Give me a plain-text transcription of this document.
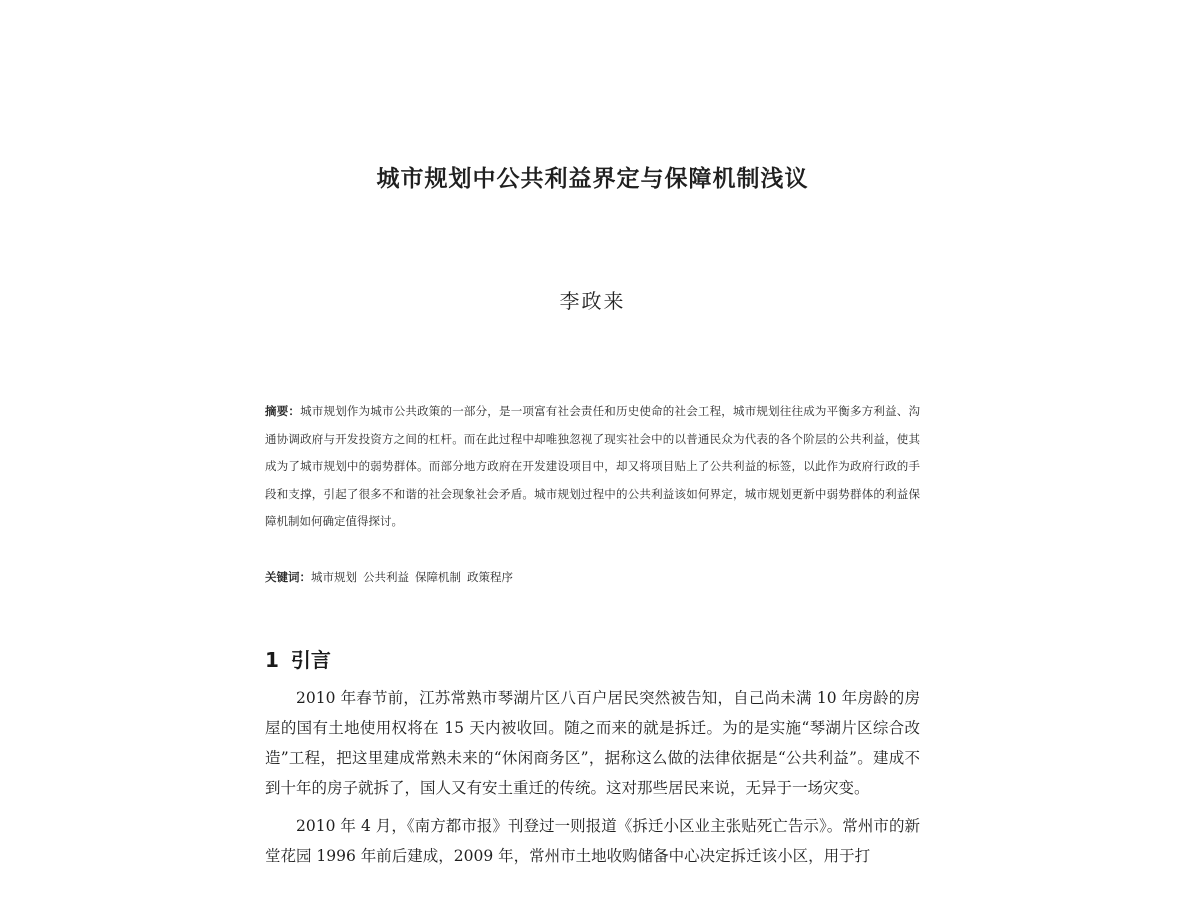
城市规划中公共利益界定与保障机制浅议
李政来

摘要：城市规划作为城市公共政策的一部分，是一项富有社会责任和历史使命的社会工程，城市规划往往成为平衡多方利益、沟通协调政府与开发投资方之间的杠杆。而在此过程中却唯独忽视了现实社会中的以普通民众为代表的各个阶层的公共利益，使其成为了城市规划中的弱势群体。而部分地方政府在开发建设项目中，却又将项目贴上了公共利益的标签，以此作为政府行政的手段和支撑，引起了很多不和谐的社会现象社会矛盾。城市规划过程中的公共利益该如何界定，城市规划更新中弱势群体的利益保障机制如何确定值得探讨。

关键词：城市规划 公共利益 保障机制 政策程序

1 引言

2010 年春节前，江苏常熟市琴湖片区八百户居民突然被告知，自己尚未满 10 年房龄的房屋的国有土地使用权将在 15 天内被收回。随之而来的就是拆迁。为的是实施“琴湖片区综合改造”工程，把这里建成常熟未来的“休闲商务区”，据称这么做的法律依据是“公共利益”。建成不到十年的房子就拆了，国人又有安土重迁的传统。这对那些居民来说，无异于一场灾变。

2010 年 4 月，《南方都市报》刊登过一则报道《拆迁小区业主张贴死亡告示》。常州市的新堂花园 1996 年前后建成，2009 年，常州市土地收购储备中心决定拆迁该小区，用于打
